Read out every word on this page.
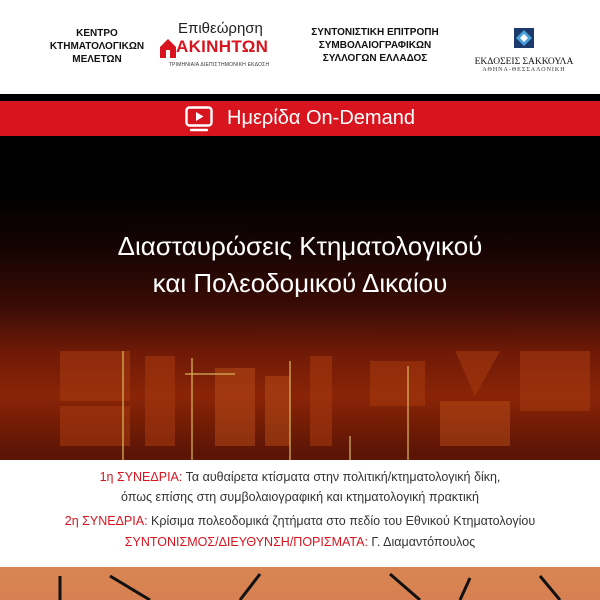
ΚΕΝΤΡΟ
ΚΤΗΜΑΤΟΛΟΓΙΚΩΝ
ΜΕΛΕΤΩΝ
Επιθεώρηση
ΑΚΙΝΗΤΩΝ
ΤΡΙΜΗΝΙΑΙΑ ΔΙΕΠΙΣΤΗΜΟΝΙΚΗ ΕΚΔΟΣΗ
ΣΥΝΤΟΝΙΣΤΙΚΗ ΕΠΙΤΡΟΠΗ
ΣΥΜΒΟΛΑΙΟΓΡΑΦΙΚΩΝ
ΣΥΛΛΟΓΩΝ ΕΛΛΑΔΟΣ	ΕΚΔΟΣΕΙΣ ΣΑΚΚΟΥΛΑ
ΑΘΗΝΑ-ΘΕΣΣΑΛΟΝΙΚΗ
Ημερίδα On-Demand
Διασταυρώσεις Κτηματολογικού
και Πολεοδομικού Δικαίου
1η ΣΥΝΕΔΡΙΑ: Τα αυθαίρετα κτίσματα στην πολιτική/κτηματολογική δίκη,
όπως επίσης στη συμβολαιογραφική και κτηματολογική πρακτική
2η ΣΥΝΕΔΡΙΑ: Κρίσιμα πολεοδομικά ζητήματα στο πεδίο του Εθνικού Κτηματολογίου
ΣΥΝΤΟΝΙΣΜΟΣ/ΔΙΕΥΘΥΝΣΗ/ΠΟΡΙΣΜΑΤΑ: Γ. Διαμαντόπουλος
